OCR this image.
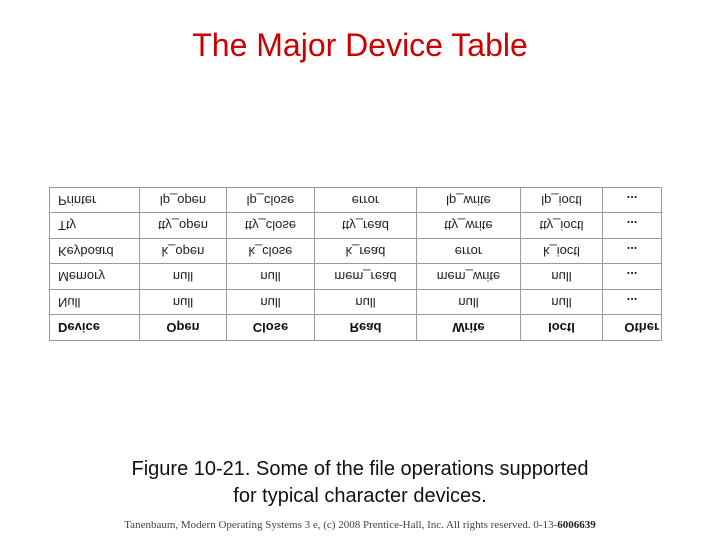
The Major Device Table
Device	Open	Close	Read	Write	Ioctl	Other
Null	null	null	null	null	null	...
Memory	null	null	mem_read	mem_write	null	...
Keyboard	k_open	k_close	k_read	error	k_ioctl	...
Tty	tty_open	tty_close	tty_read	tty_write	tty_ioctl	...
Printer	lp_open	lp_close	error	lp_write	lp_ioctl	...
Figure 10-21. Some of the file operations supported
for typical character devices.
Tanenbaum, Modern Operating Systems 3 e, (c) 2008 Prentice-Hall, Inc. All rights reserved. 0-13-6006639
